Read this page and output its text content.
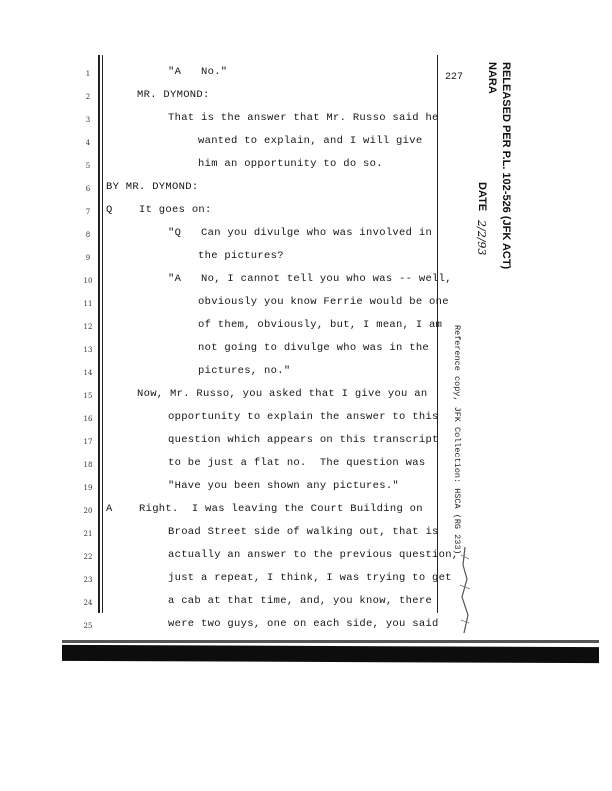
227
1	"A   No."
2	MR. DYMOND:
3	That is the answer that Mr. Russo said he
4	wanted to explain, and I will give
5	him an opportunity to do so.
6	BY MR. DYMOND:
7	Q    It goes on:
8	"Q   Can you divulge who was involved in
9	the pictures?
10	"A   No, I cannot tell you who was -- well,
11	obviously you know Ferrie would be one
12	of them, obviously, but, I mean, I am
13	not going to divulge who was in the
14	pictures, no."
15	Now, Mr. Russo, you asked that I give you an
16	opportunity to explain the answer to this
17	question which appears on this transcript
18	to be just a flat no.  The question was
19	"Have you been shown any pictures."
20	A    Right.  I was leaving the Court Building on
21	Broad Street side of walking out, that is
22	actually an answer to the previous question,
23	just a repeat, I think, I was trying to get
24	a cab at that time, and, you know, there
25	were two guys, one on each side, you said
RELEASED PER P.L. 102-526 (JFK ACT)
NARA
DATE
2/2/93
Reference copy, JFK Collection: HSCA (RG 233)
